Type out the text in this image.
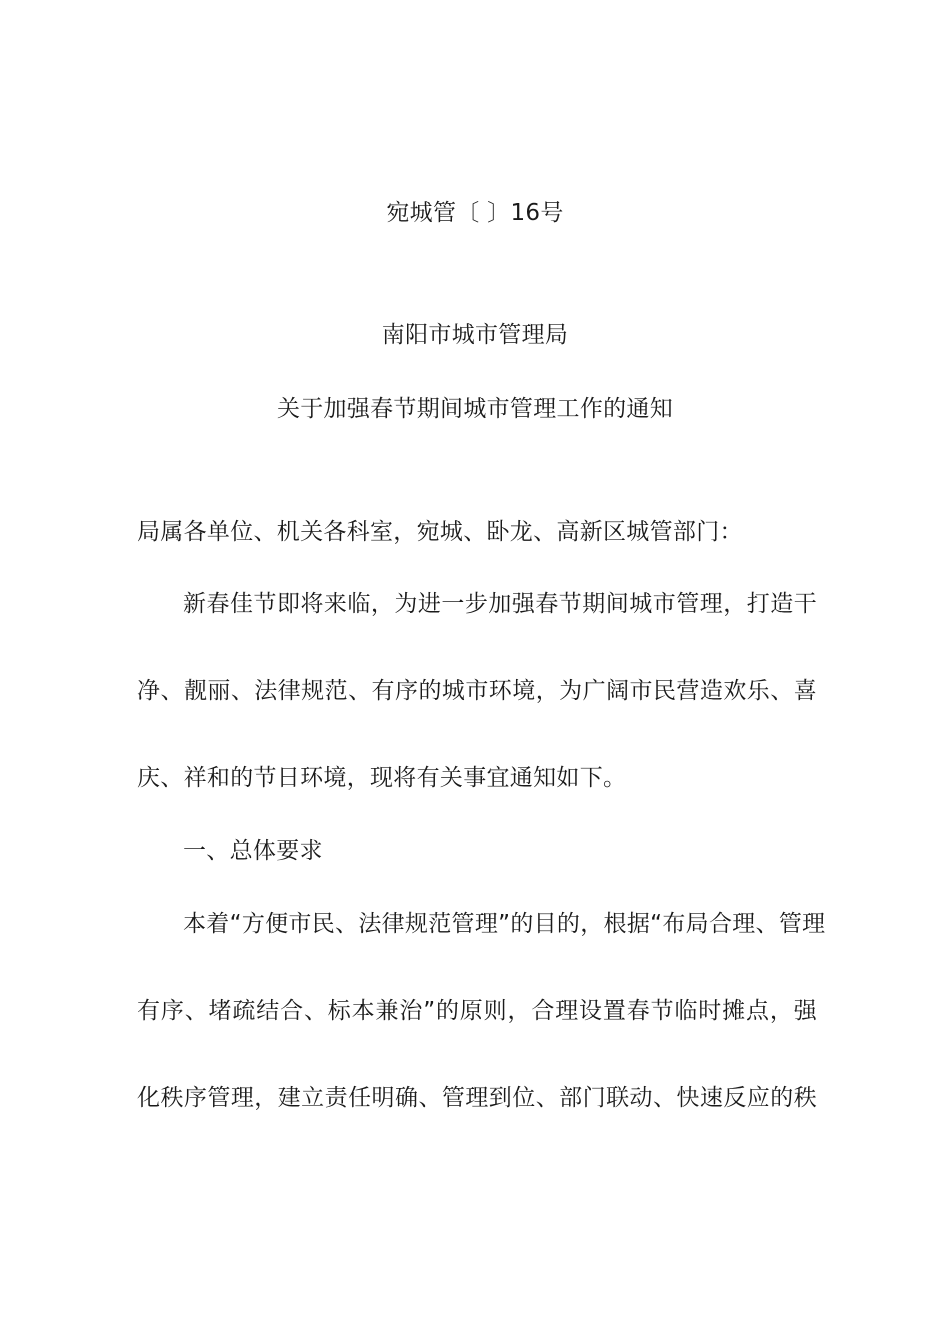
宛城管〔 〕16号
南阳市城市管理局
关于加强春节期间城市管理工作的通知
局属各单位、机关各科室，宛城、卧龙、高新区城管部门：
新春佳节即将来临，为进一步加强春节期间城市管理，打造干
净、靓丽、法律规范、有序的城市环境，为广阔市民营造欢乐、喜
庆、祥和的节日环境，现将有关事宜通知如下。
一、总体要求
本着“方便市民、法律规范管理”的目的，根据“布局合理、管理
有序、堵疏结合、标本兼治”的原则，合理设置春节临时摊点，强
化秩序管理，建立责任明确、管理到位、部门联动、快速反应的秩
